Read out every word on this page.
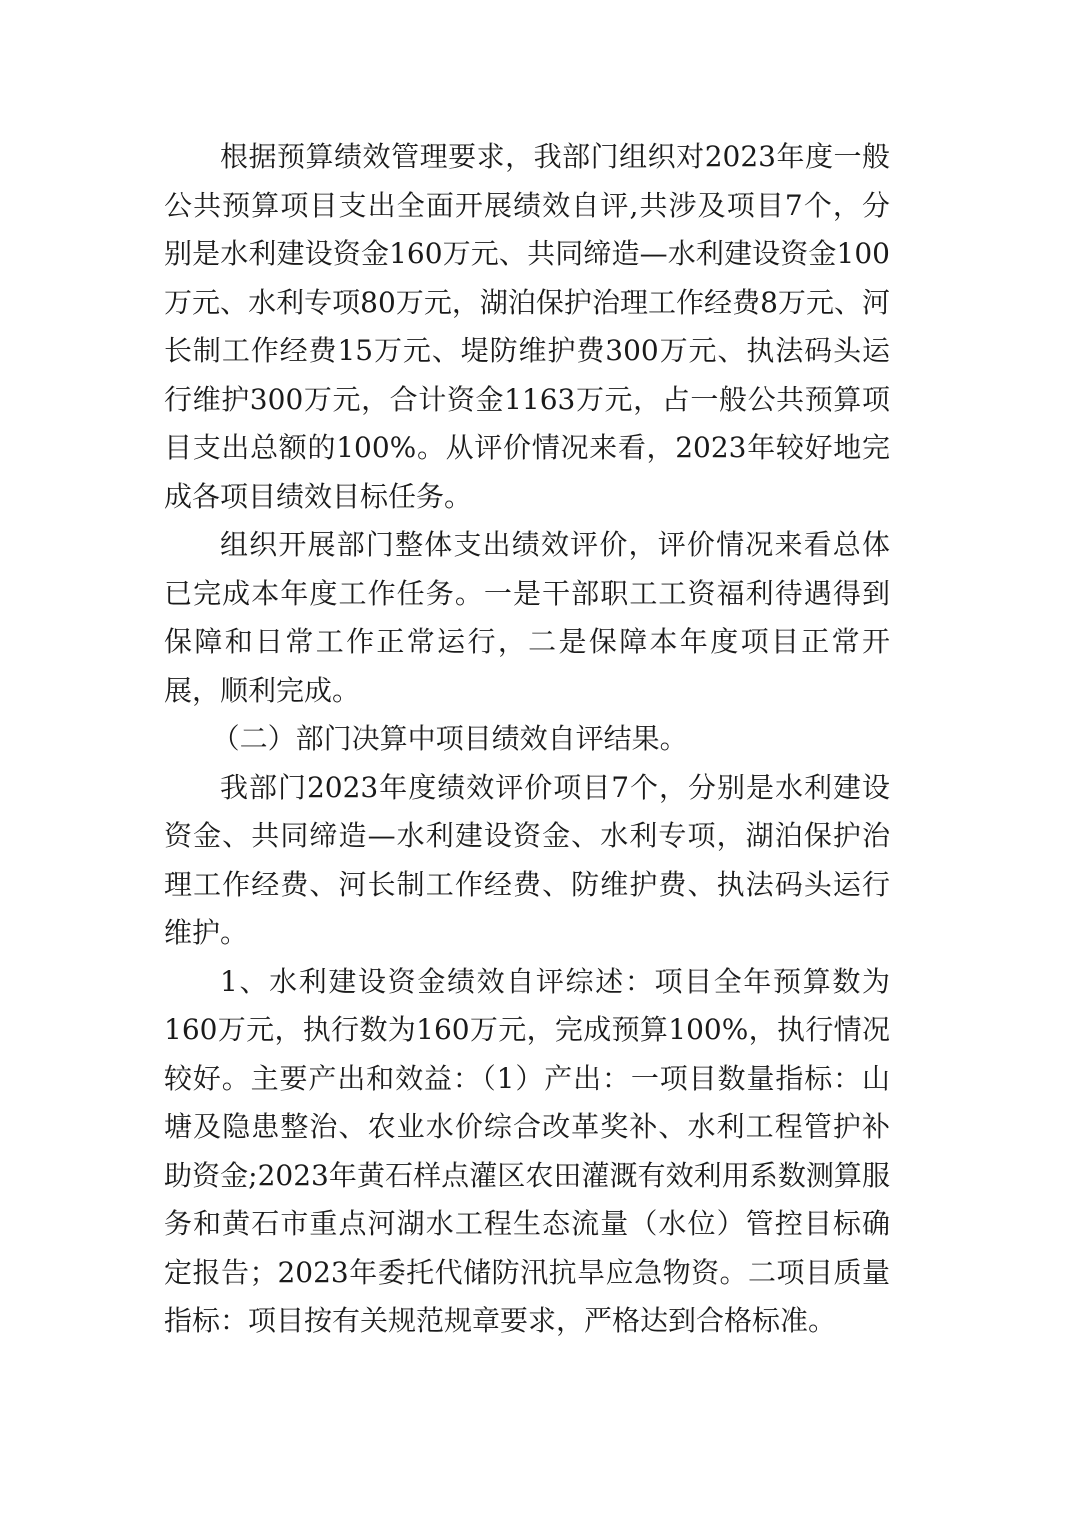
根据预算绩效管理要求，我部门组织对2023年度一般公共预算项目支出全面开展绩效自评,共涉及项目7个，分别是水利建设资金160万元、共同缔造—水利建设资金100万元、水利专项80万元，湖泊保护治理工作经费8万元、河长制工作经费15万元、堤防维护费300万元、执法码头运行维护300万元，合计资金1163万元，占一般公共预算项目支出总额的100%。从评价情况来看，2023年较好地完成各项目绩效目标任务。

组织开展部门整体支出绩效评价，评价情况来看总体已完成本年度工作任务。一是干部职工工资福利待遇得到保障和日常工作正常运行，二是保障本年度项目正常开展，顺利完成。

（二）部门决算中项目绩效自评结果。

我部门2023年度绩效评价项目7个，分别是水利建设资金、共同缔造—水利建设资金、水利专项，湖泊保护治理工作经费、河长制工作经费、防维护费、执法码头运行维护。

1、水利建设资金绩效自评综述：项目全年预算数为160万元，执行数为160万元，完成预算100%，执行情况较好。主要产出和效益：（1）产出：一项目数量指标：山塘及隐患整治、农业水价综合改革奖补、水利工程管护补助资金;2023年黄石样点灌区农田灌溉有效利用系数测算服务和黄石市重点河湖水工程生态流量（水位）管控目标确定报告；2023年委托代储防汛抗旱应急物资。二项目质量指标：项目按有关规范规章要求，严格达到合格标准。
